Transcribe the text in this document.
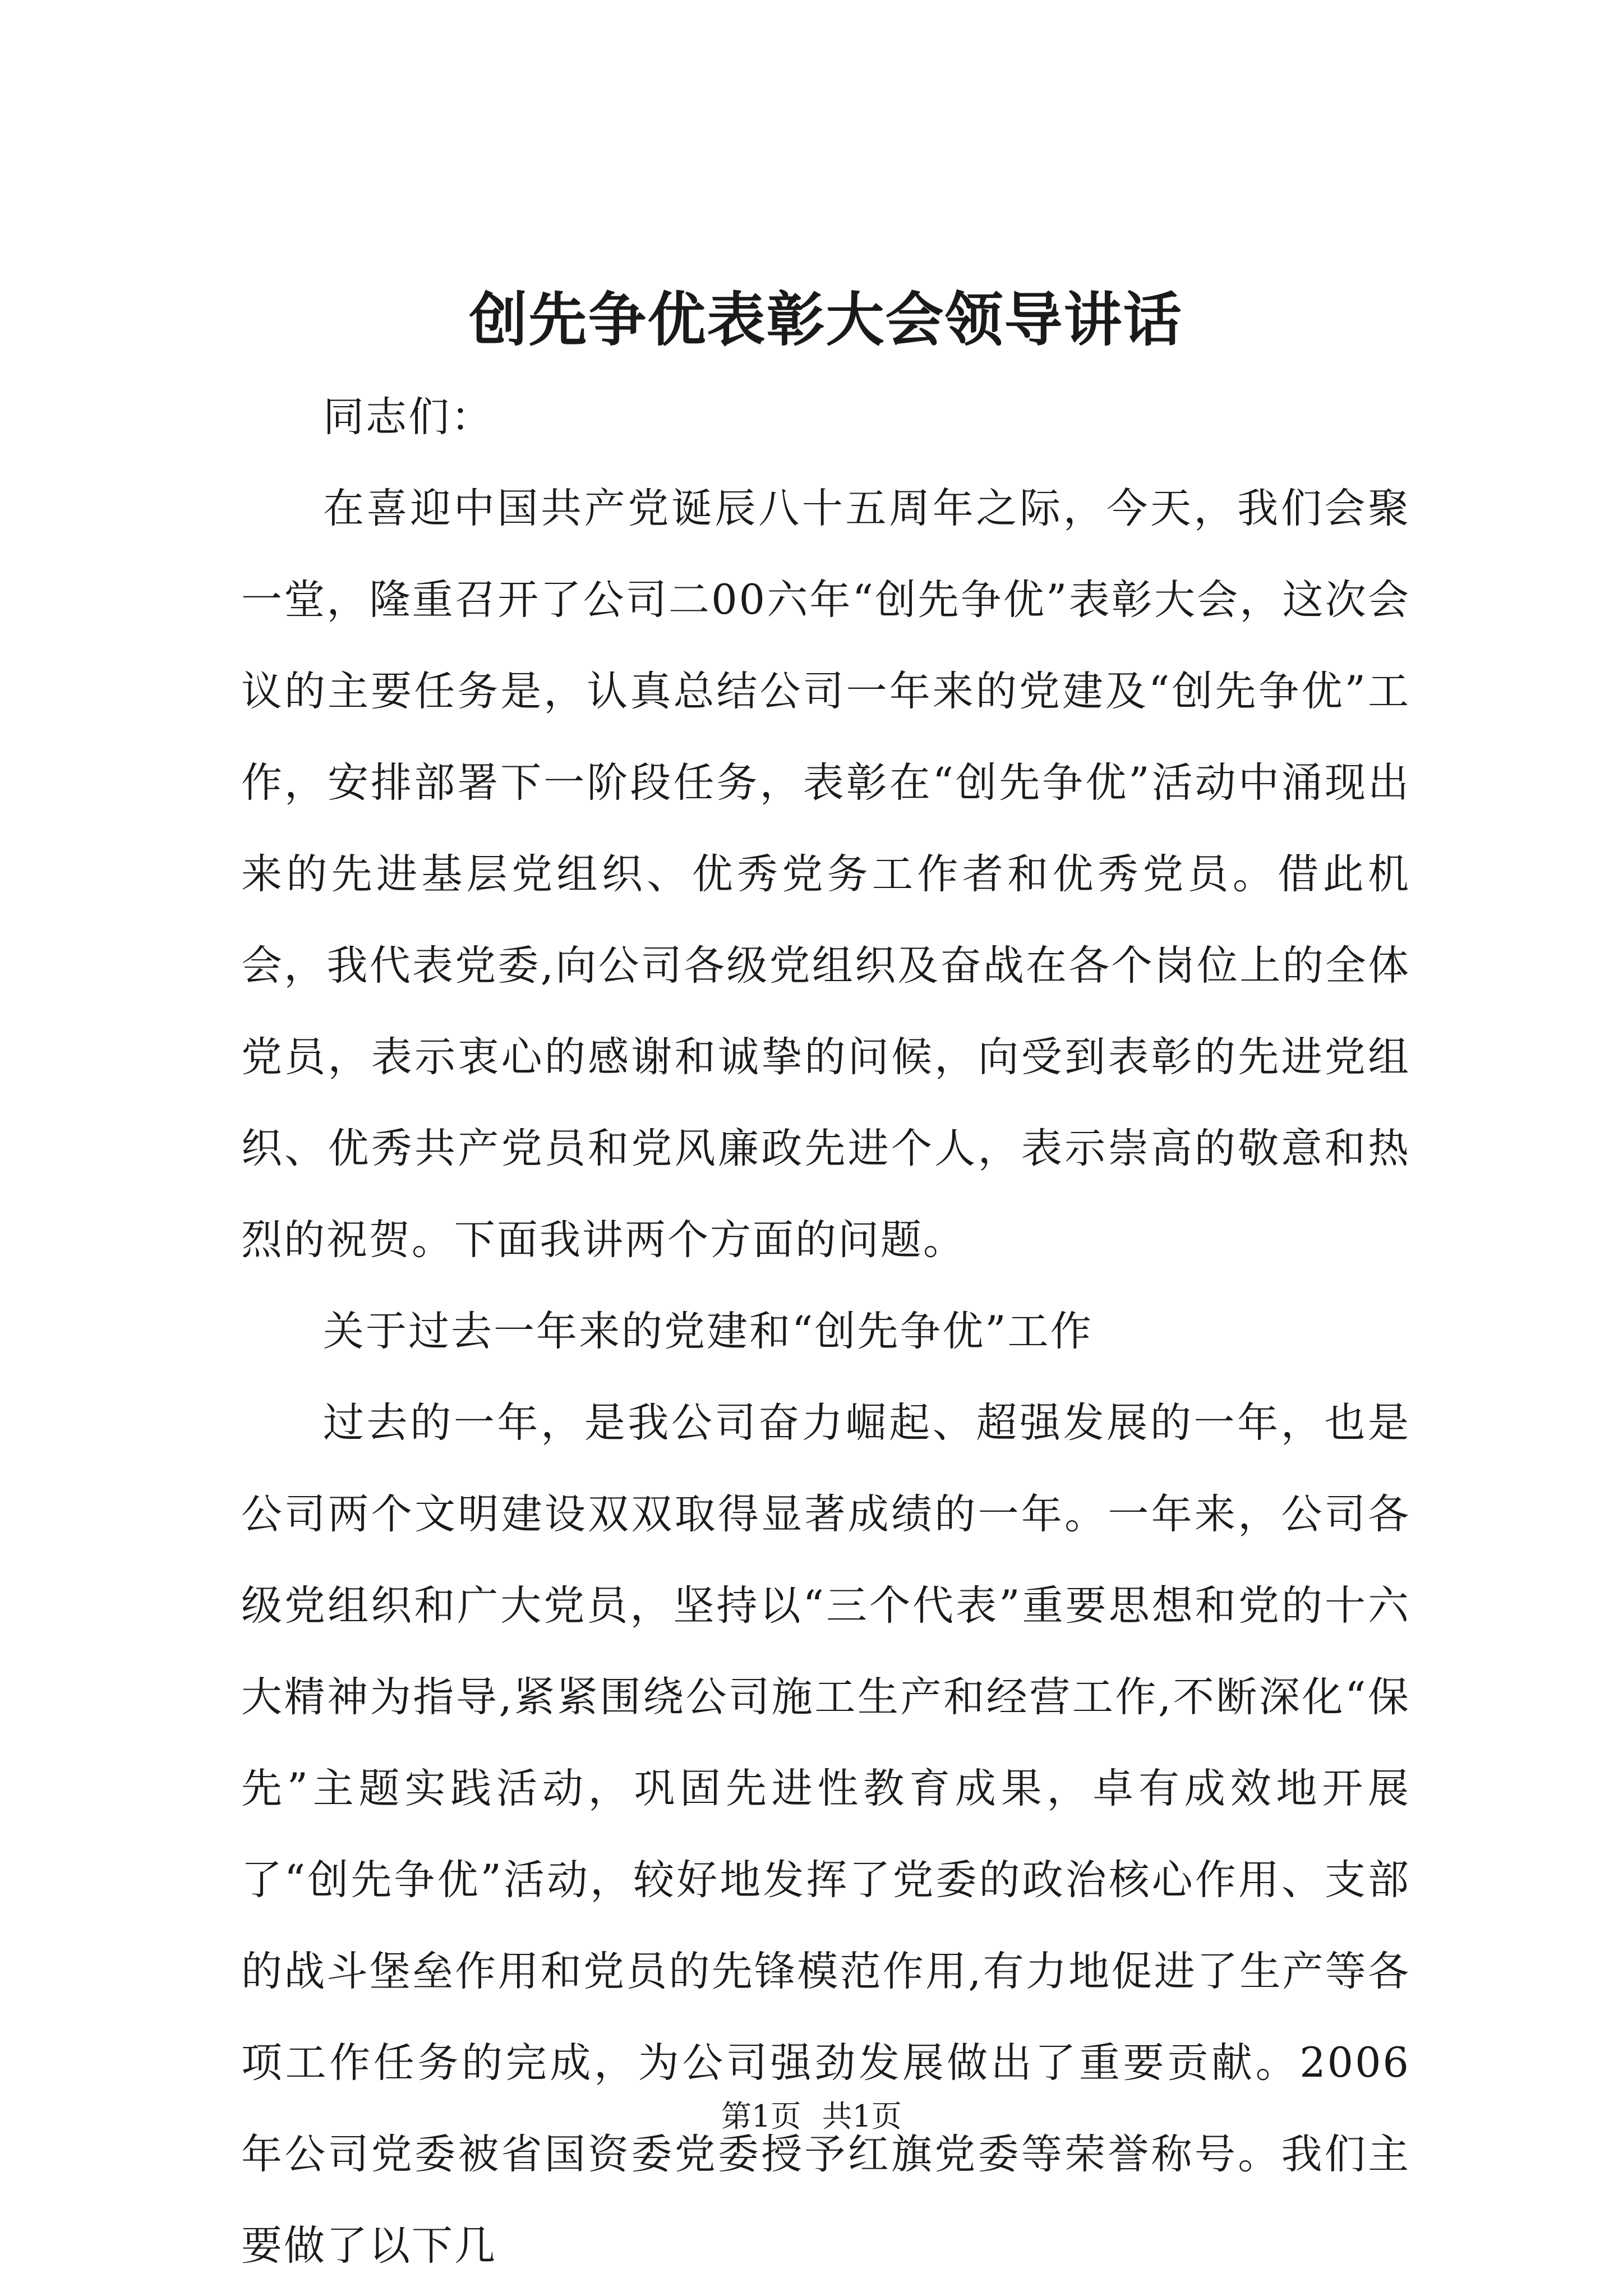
创先争优表彰大会领导讲话

同志们：

在喜迎中国共产党诞辰八十五周年之际，今天，我们会聚一堂，隆重召开了公司二00六年“创先争优”表彰大会，这次会议的主要任务是，认真总结公司一年来的党建及“创先争优”工作，安排部署下一阶段任务，表彰在“创先争优”活动中涌现出来的先进基层党组织、优秀党务工作者和优秀党员。借此机会，我代表党委,向公司各级党组织及奋战在各个岗位上的全体党员，表示衷心的感谢和诚挚的问候，向受到表彰的先进党组织、优秀共产党员和党风廉政先进个人，表示崇高的敬意和热烈的祝贺。下面我讲两个方面的问题。

关于过去一年来的党建和“创先争优”工作

过去的一年，是我公司奋力崛起、超强发展的一年，也是公司两个文明建设双双取得显著成绩的一年。一年来，公司各级党组织和广大党员，坚持以“三个代表”重要思想和党的十六大精神为指导,紧紧围绕公司施工生产和经营工作,不断深化“保先”主题实践活动，巩固先进性教育成果，卓有成效地开展了“创先争优”活动，较好地发挥了党委的政治核心作用、支部的战斗堡垒作用和党员的先锋模范作用,有力地促进了生产等各项工作任务的完成，为公司强劲发展做出了重要贡献。2006年公司党委被省国资委党委授予红旗党委等荣誉称号。我们主要做了以下几

第1页 共1页
